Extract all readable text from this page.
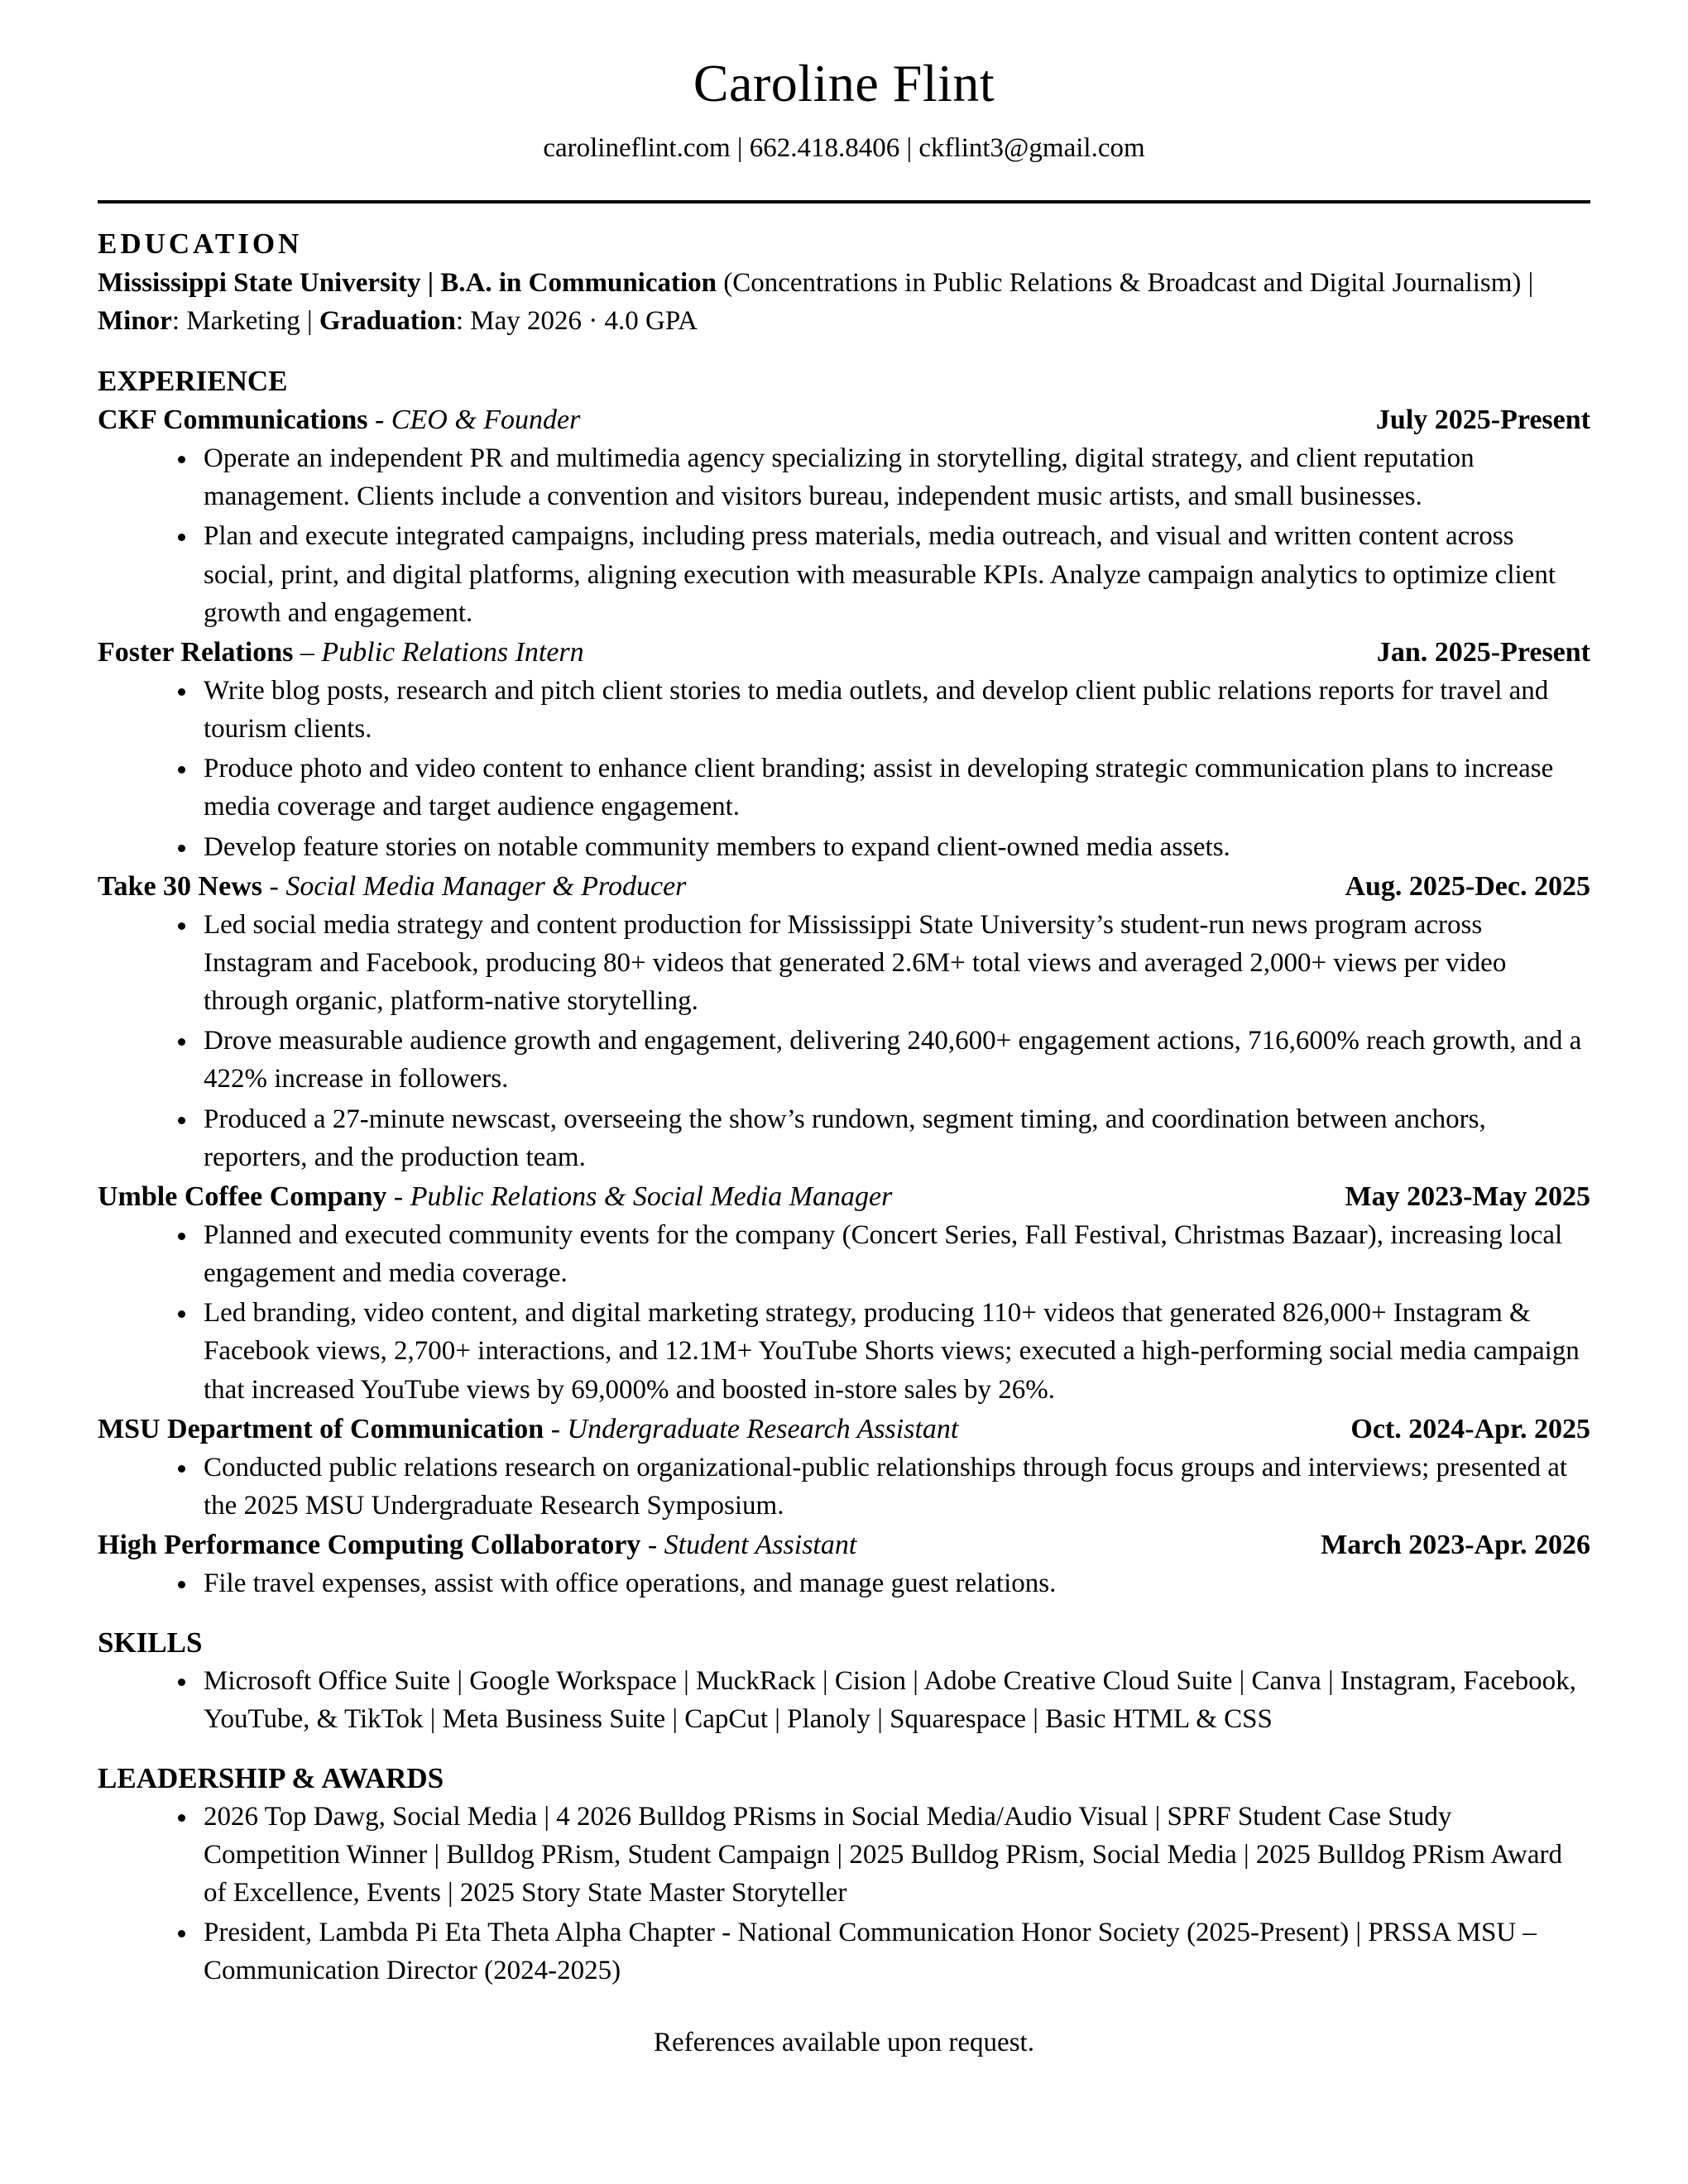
Caroline Flint
carolineflint.com | 662.418.8406 | ckflint3@gmail.com
EDUCATION

Mississippi State University | B.A. in Communication (Concentrations in Public Relations & Broadcast and Digital Journalism) | Minor: Marketing | Graduation: May 2026 · 4.0 GPA

EXPERIENCE
CKF Communications - CEO & Founder	July 2025-Present
• Operate an independent PR and multimedia agency specializing in storytelling, digital strategy, and client reputation management. Clients include a convention and visitors bureau, independent music artists, and small businesses.
• Plan and execute integrated campaigns, including press materials, media outreach, and visual and written content across social, print, and digital platforms, aligning execution with measurable KPIs. Analyze campaign analytics to optimize client growth and engagement.
Foster Relations – Public Relations Intern	Jan. 2025-Present
• Write blog posts, research and pitch client stories to media outlets, and develop client public relations reports for travel and tourism clients.
• Produce photo and video content to enhance client branding; assist in developing strategic communication plans to increase media coverage and target audience engagement.
• Develop feature stories on notable community members to expand client-owned media assets.
Take 30 News - Social Media Manager & Producer	Aug. 2025-Dec. 2025
• Led social media strategy and content production for Mississippi State University’s student-run news program across Instagram and Facebook, producing 80+ videos that generated 2.6M+ total views and averaged 2,000+ views per video through organic, platform-native storytelling.
• Drove measurable audience growth and engagement, delivering 240,600+ engagement actions, 716,600% reach growth, and a 422% increase in followers.
• Produced a 27-minute newscast, overseeing the show’s rundown, segment timing, and coordination between anchors, reporters, and the production team.
Umble Coffee Company - Public Relations & Social Media Manager	May 2023-May 2025
• Planned and executed community events for the company (Concert Series, Fall Festival, Christmas Bazaar), increasing local engagement and media coverage.
• Led branding, video content, and digital marketing strategy, producing 110+ videos that generated 826,000+ Instagram & Facebook views, 2,700+ interactions, and 12.1M+ YouTube Shorts views; executed a high-performing social media campaign that increased YouTube views by 69,000% and boosted in-store sales by 26%.
MSU Department of Communication - Undergraduate Research Assistant	Oct. 2024-Apr. 2025
• Conducted public relations research on organizational-public relationships through focus groups and interviews; presented at the 2025 MSU Undergraduate Research Symposium.
High Performance Computing Collaboratory - Student Assistant	March 2023-Apr. 2026
• File travel expenses, assist with office operations, and manage guest relations.
SKILLS
• Microsoft Office Suite | Google Workspace | MuckRack | Cision | Adobe Creative Cloud Suite | Canva | Instagram, Facebook, YouTube, & TikTok | Meta Business Suite | CapCut | Planoly | Squarespace | Basic HTML & CSS
LEADERSHIP & AWARDS
• 2026 Top Dawg, Social Media | 4 2026 Bulldog PRisms in Social Media/Audio Visual | SPRF Student Case Study Competition Winner | Bulldog PRism, Student Campaign | 2025 Bulldog PRism, Social Media | 2025 Bulldog PRism Award of Excellence, Events | 2025 Story State Master Storyteller
• President, Lambda Pi Eta Theta Alpha Chapter - National Communication Honor Society (2025-Present) | PRSSA MSU – Communication Director (2024-2025)

References available upon request.
